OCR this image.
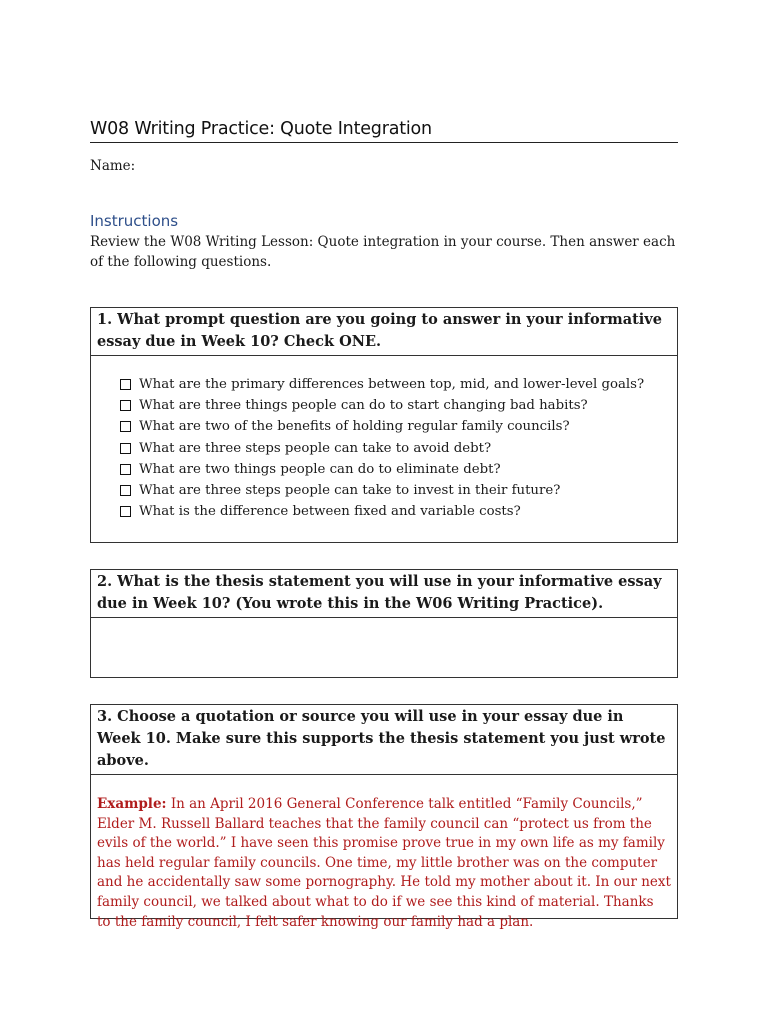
W08 Writing Practice: Quote Integration
Name:
Instructions
Review the W08 Writing Lesson: Quote integration in your course. Then answer each of the following questions.
1. What prompt question are you going to answer in your informative essay due in Week 10? Check ONE.
What are the primary differences between top, mid, and lower-level goals?
What are three things people can do to start changing bad habits?
What are two of the benefits of holding regular family councils?
What are three steps people can take to avoid debt?
What are two things people can do to eliminate debt?
What are three steps people can take to invest in their future?
What is the difference between fixed and variable costs?
2. What is the thesis statement you will use in your informative essay due in Week 10? (You wrote this in the W06 Writing Practice).
3. Choose a quotation or source you will use in your essay due in Week 10. Make sure this supports the thesis statement you just wrote above.
Example: In an April 2016 General Conference talk entitled “Family Councils,” Elder M. Russell Ballard teaches that the family council can “protect us from the evils of the world.” I have seen this promise prove true in my own life as my family has held regular family councils. One time, my little brother was on the computer and he accidentally saw some pornography. He told my mother about it. In our next family council, we talked about what to do if we see this kind of material. Thanks to the family council, I felt safer knowing our family had a plan.
